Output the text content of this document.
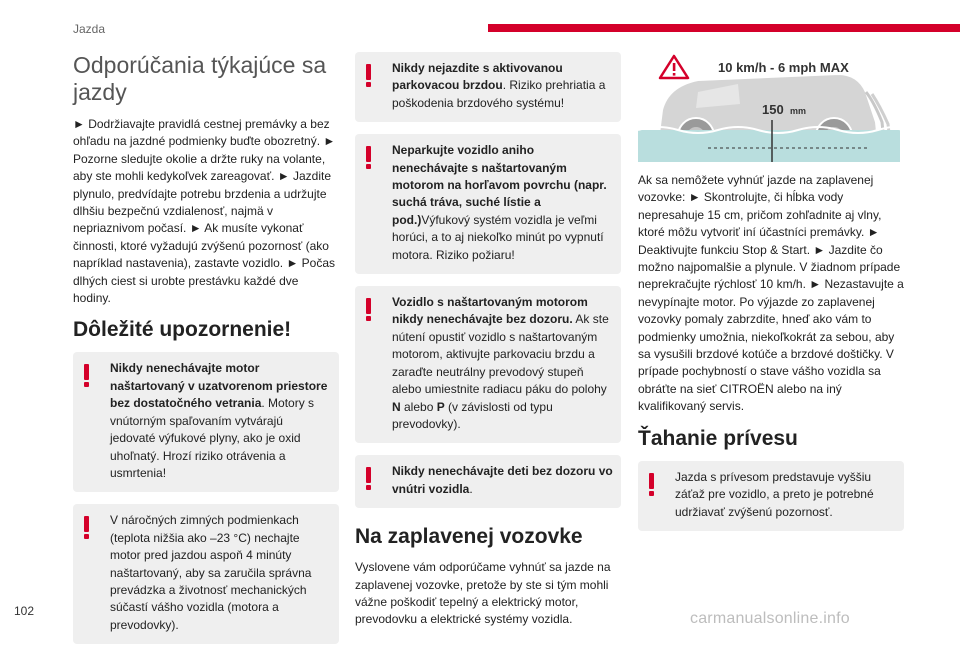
Jazda
Odporúčania týkajúce sa jazdy

► Dodržiavajte pravidlá cestnej premávky a bez ohľadu na jazdné podmienky buďte obozretný. ► Pozorne sledujte okolie a držte ruky na volante, aby ste mohli kedykoľvek zareagovať. ► Jazdite plynulo, predvídajte potrebu brzdenia a udržujte dlhšiu bezpečnú vzdialenosť, najmä v nepriaznivom počasí. ► Ak musíte vykonať činnosti, ktoré vyžadujú zvýšenú pozornosť (ako napríklad nastavenia), zastavte vozidlo. ► Počas dlhých ciest si urobte prestávku každé dve hodiny.

Dôležité upozornenie!
Nikdy nenechávajte motor naštartovaný v uzatvorenom priestore bez dostatočného vetrania. Motory s vnútorným spaľovaním vytvárajú jedovaté výfukové plyny, ako je oxid uhoľnatý. Hrozí riziko otrávenia a usmrtenia!
V náročných zimných podmienkach (teplota nižšia ako –23 °C) nechajte motor pred jazdou aspoň 4 minúty naštartovaný, aby sa zaručila správna prevádzka a životnosť mechanických súčastí vášho vozidla (motora a prevodovky).
Nikdy nejazdite s aktivovanou parkovacou brzdou. Riziko prehriatia a poškodenia brzdového systému!
Neparkujte vozidlo aniho nenechávajte s naštartovaným motorom na horľavom povrchu (napr. suchá tráva, suché lístie a pod.)Výfukový systém vozidla je veľmi horúci, a to aj niekoľko minút po vypnutí motora. Riziko požiaru!
Vozidlo s naštartovaným motorom nikdy nenechávajte bez dozoru. Ak ste nútení opustiť vozidlo s naštartovaným motorom, aktivujte parkovaciu brzdu a zaraďte neutrálny prevodový stupeň alebo umiestnite radiacu páku do polohy N alebo P (v závislosti od typu prevodovky).
Nikdy nenechávajte deti bez dozoru vo vnútri vozidla.
Na zaplavenej vozovke

Vyslovene vám odporúčame vyhnúť sa jazde na zaplavenej vozovke, pretože by ste si tým mohli vážne poškodiť tepelný a elektrický motor, prevodovku a elektrické systémy vozidla.

10 km/h - 6 mph MAX
150 mm

Ak sa nemôžete vyhnúť jazde na zaplavenej vozovke: ► Skontrolujte, či hĺbka vody nepresahuje 15 cm, pričom zohľadnite aj vlny, ktoré môžu vytvoriť iní účastníci premávky. ► Deaktivujte funkciu Stop & Start. ► Jazdite čo možno najpomalšie a plynule. V žiadnom prípade neprekračujte rýchlosť 10 km/h. ► Nezastavujte a nevypínajte motor. Po výjazde zo zaplavenej vozovky pomaly zabrzdite, hneď ako vám to podmienky umožnia, niekoľkokrát za sebou, aby sa vysušili brzdové kotúče a brzdové doštičky. V prípade pochybností o stave vášho vozidla sa obráťte na sieť CITROËN alebo na iný kvalifikovaný servis.

Ťahanie prívesu
Jazda s prívesom predstavuje vyššiu záťaž pre vozidlo, a preto je potrebné udržiavať zvýšenú pozornosť.
102	carmanualsonline.info
